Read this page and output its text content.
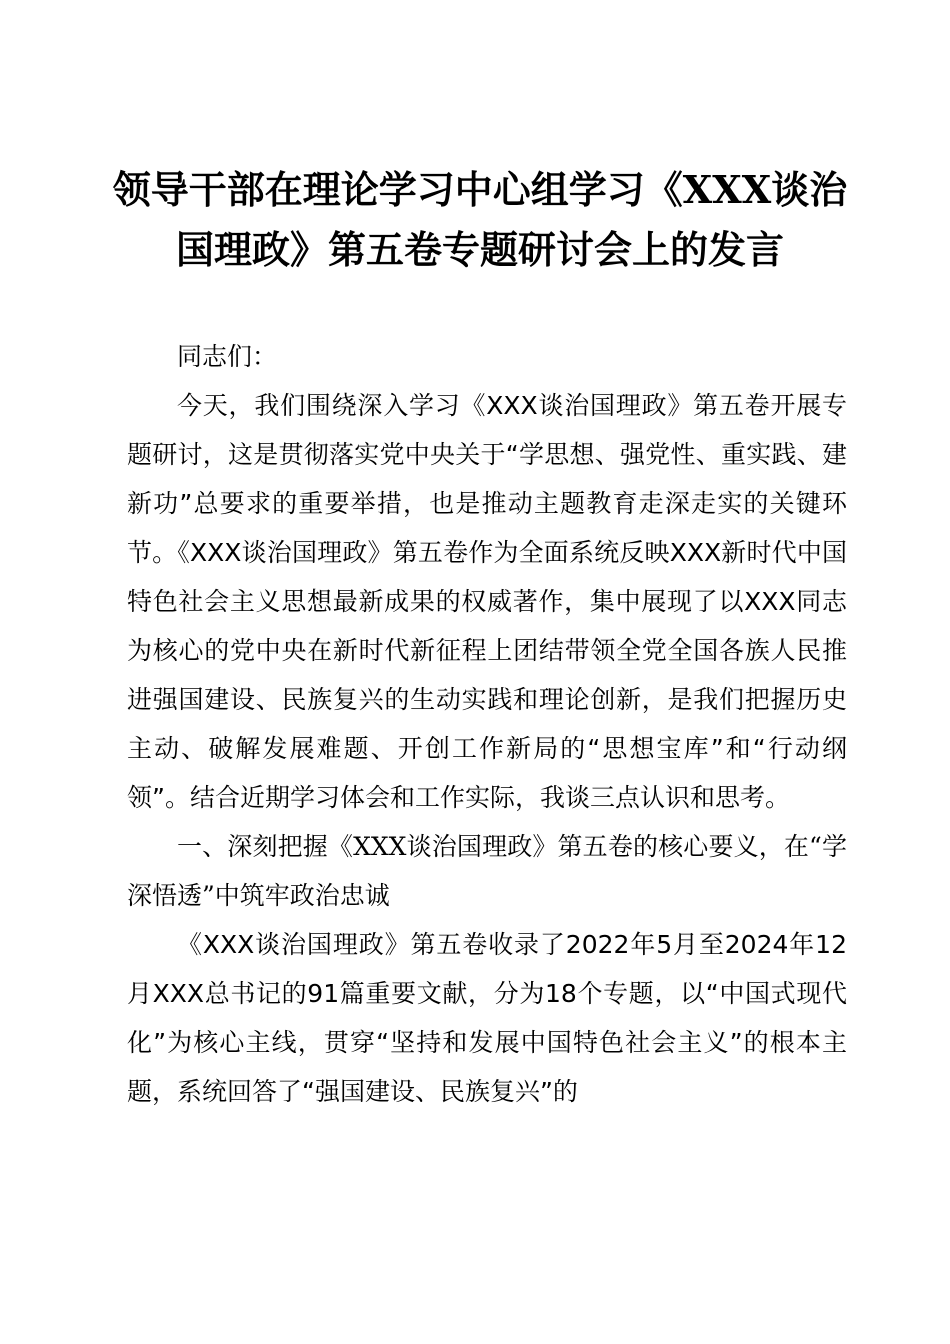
领导干部在理论学习中心组学习《XXX谈治国理政》第五卷专题研讨会上的发言

同志们：

今天，我们围绕深入学习《XXX谈治国理政》第五卷开展专题研讨，这是贯彻落实党中央关于“学思想、强党性、重实践、建新功”总要求的重要举措，也是推动主题教育走深走实的关键环节。《XXX谈治国理政》第五卷作为全面系统反映XXX新时代中国特色社会主义思想最新成果的权威著作，集中展现了以XXX同志为核心的党中央在新时代新征程上团结带领全党全国各族人民推进强国建设、民族复兴的生动实践和理论创新，是我们把握历史主动、破解发展难题、开创工作新局的“思想宝库”和“行动纲领”。结合近期学习体会和工作实际，我谈三点认识和思考。

一、深刻把握《XXX谈治国理政》第五卷的核心要义，在“学深悟透”中筑牢政治忠诚

《XXX谈治国理政》第五卷收录了2022年5月至2024年12月XXX总书记的91篇重要文献，分为18个专题，以“中国式现代化”为核心主线，贯穿“坚持和发展中国特色社会主义”的根本主题，系统回答了“强国建设、民族复兴”的
